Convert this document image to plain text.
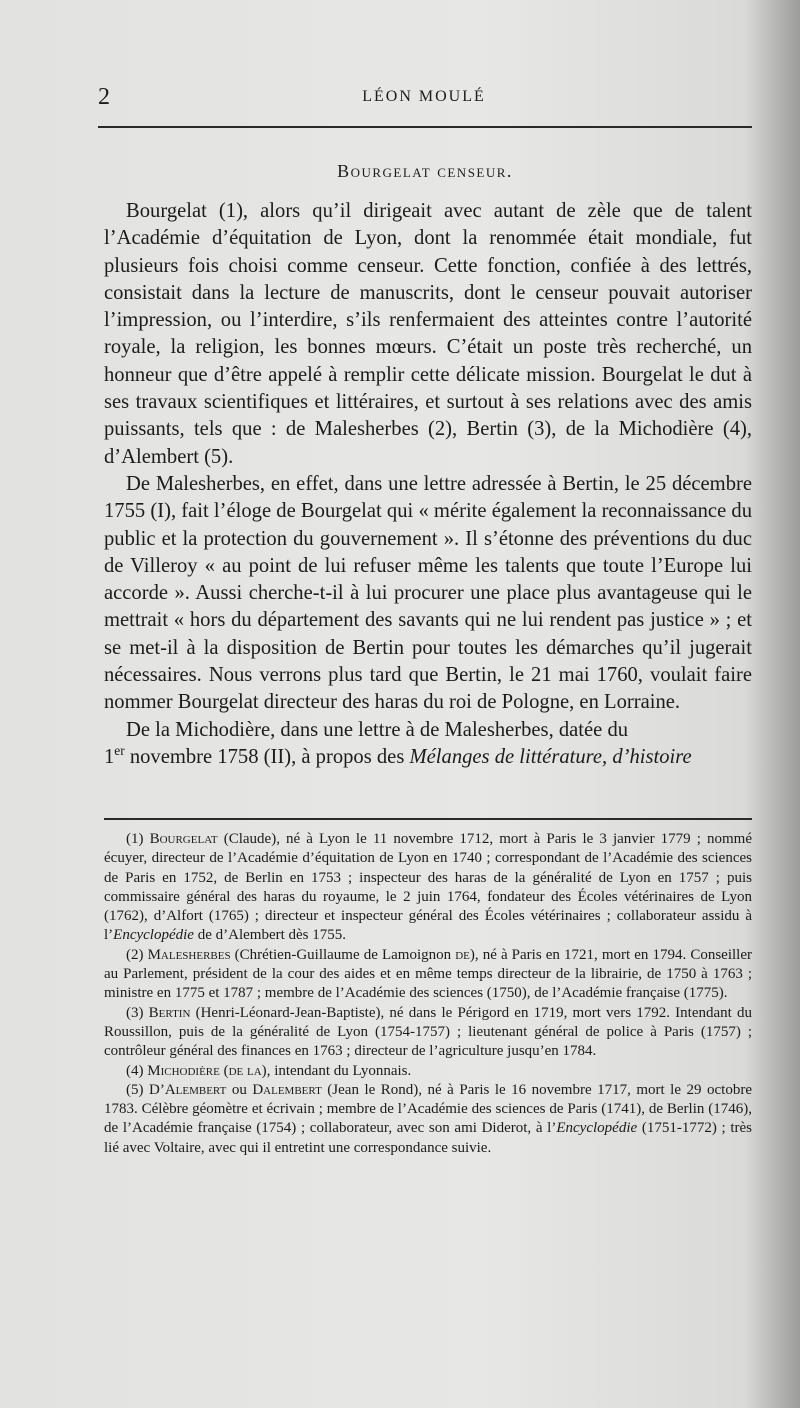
2	LÉON MOULÉ
Bourgelat censeur.

Bourgelat (1), alors qu’il dirigeait avec autant de zèle que de talent l’Académie d’équitation de Lyon, dont la renommée était mondiale, fut plusieurs fois choisi comme censeur. Cette fonction, confiée à des lettrés, consistait dans la lecture de manuscrits, dont le censeur pouvait autoriser l’impression, ou l’interdire, s’ils renfermaient des atteintes contre l’autorité royale, la religion, les bonnes mœurs. C’était un poste très recherché, un honneur que d’être appelé à remplir cette délicate mission. Bourgelat le dut à ses travaux scientifiques et littéraires, et surtout à ses relations avec des amis puissants, tels que : de Malesherbes (2), Bertin (3), de la Michodière (4), d’Alembert (5).

De Malesherbes, en effet, dans une lettre adressée à Bertin, le 25 décembre 1755 (I), fait l’éloge de Bourgelat qui « mérite également la reconnaissance du public et la protection du gouvernement ». Il s’étonne des préventions du duc de Villeroy « au point de lui refuser même les talents que toute l’Europe lui accorde ». Aussi cherche-t-il à lui procurer une place plus avantageuse qui le mettrait « hors du département des savants qui ne lui rendent pas justice » ; et se met-il à la disposition de Bertin pour toutes les démarches qu’il jugerait nécessaires. Nous verrons plus tard que Bertin, le 21 mai 1760, voulait faire nommer Bourgelat directeur des haras du roi de Pologne, en Lorraine.

De la Michodière, dans une lettre à de Malesherbes, datée du
1er novembre 1758 (II), à propos des Mélanges de littérature, d’histoire

(1) Bourgelat (Claude), né à Lyon le 11 novembre 1712, mort à Paris le 3 janvier 1779 ; nommé écuyer, directeur de l’Académie d’équitation de Lyon en 1740 ; correspondant de l’Académie des sciences de Paris en 1752, de Berlin en 1753 ; inspecteur des haras de la généralité de Lyon en 1757 ; puis commissaire général des haras du royaume, le 2 juin 1764, fondateur des Écoles vétérinaires de Lyon (1762), d’Alfort (1765) ; directeur et inspecteur général des Écoles vétérinaires ; collaborateur assidu à l’Encyclopédie de d’Alembert dès 1755.

(2) Malesherbes (Chrétien-Guillaume de Lamoignon de), né à Paris en 1721, mort en 1794. Conseiller au Parlement, président de la cour des aides et en même temps directeur de la librairie, de 1750 à 1763 ; ministre en 1775 et 1787 ; membre de l’Académie des sciences (1750), de l’Académie française (1775).

(3) Bertin (Henri-Léonard-Jean-Baptiste), né dans le Périgord en 1719, mort vers 1792. Intendant du Roussillon, puis de la généralité de Lyon (1754-1757) ; lieutenant général de police à Paris (1757) ; contrôleur général des finances en 1763 ; directeur de l’agriculture jusqu’en 1784.

(4) Michodière (de la), intendant du Lyonnais.

(5) D’Alembert ou Dalembert (Jean le Rond), né à Paris le 16 novembre 1717, mort le 29 octobre 1783. Célèbre géomètre et écrivain ; membre de l’Académie des sciences de Paris (1741), de Berlin (1746), de l’Académie française (1754) ; collaborateur, avec son ami Diderot, à l’Encyclopédie (1751-1772) ; très lié avec Voltaire, avec qui il entretint une correspondance suivie.
